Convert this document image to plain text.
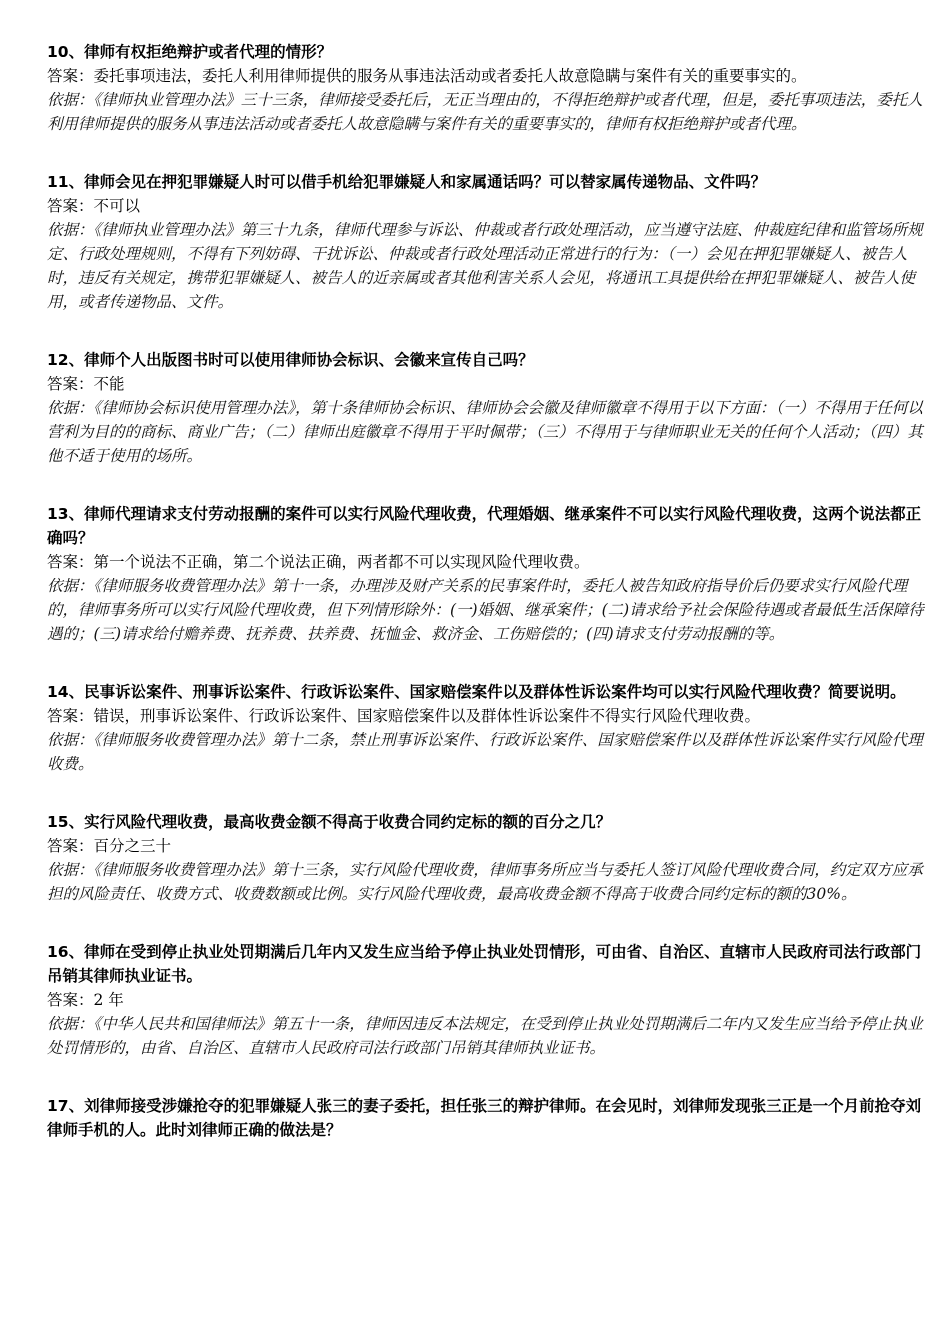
10、律师有权拒绝辩护或者代理的情形？

答案：委托事项违法，委托人利用律师提供的服务从事违法活动或者委托人故意隐瞒与案件有关的重要事实的。

依据：《律师执业管理办法》三十三条，律师接受委托后，无正当理由的，不得拒绝辩护或者代理，但是，委托事项违法，委托人利用律师提供的服务从事违法活动或者委托人故意隐瞒与案件有关的重要事实的，律师有权拒绝辩护或者代理。

11、律师会见在押犯罪嫌疑人时可以借手机给犯罪嫌疑人和家属通话吗？可以替家属传递物品、文件吗？

答案：不可以

依据：《律师执业管理办法》第三十九条，律师代理参与诉讼、仲裁或者行政处理活动，应当遵守法庭、仲裁庭纪律和监管场所规定、行政处理规则，不得有下列妨碍、干扰诉讼、仲裁或者行政处理活动正常进行的行为：（一）会见在押犯罪嫌疑人、被告人时，违反有关规定，携带犯罪嫌疑人、被告人的近亲属或者其他利害关系人会见，将通讯工具提供给在押犯罪嫌疑人、被告人使用，或者传递物品、文件。

12、律师个人出版图书时可以使用律师协会标识、会徽来宣传自己吗？

答案：不能

依据：《律师协会标识使用管理办法》，第十条律师协会标识、律师协会会徽及律师徽章不得用于以下方面：（一）不得用于任何以营利为目的的商标、商业广告；（二）律师出庭徽章不得用于平时佩带；（三）不得用于与律师职业无关的任何个人活动；（四）其他不适于使用的场所。

13、律师代理请求支付劳动报酬的案件可以实行风险代理收费，代理婚姻、继承案件不可以实行风险代理收费，这两个说法都正确吗？

答案：第一个说法不正确，第二个说法正确，两者都不可以实现风险代理收费。

依据：《律师服务收费管理办法》第十一条，办理涉及财产关系的民事案件时，委托人被告知政府指导价后仍要求实行风险代理的，律师事务所可以实行风险代理收费，但下列情形除外：(一)婚姻、继承案件；(二)请求给予社会保险待遇或者最低生活保障待遇的；(三)请求给付赡养费、抚养费、扶养费、抚恤金、救济金、工伤赔偿的；(四)请求支付劳动报酬的等。

14、民事诉讼案件、刑事诉讼案件、行政诉讼案件、国家赔偿案件以及群体性诉讼案件均可以实行风险代理收费？简要说明。

答案：错误，刑事诉讼案件、行政诉讼案件、国家赔偿案件以及群体性诉讼案件不得实行风险代理收费。

依据：《律师服务收费管理办法》第十二条，禁止刑事诉讼案件、行政诉讼案件、国家赔偿案件以及群体性诉讼案件实行风险代理收费。

15、实行风险代理收费，最高收费金额不得高于收费合同约定标的额的百分之几？

答案：百分之三十

依据：《律师服务收费管理办法》第十三条，实行风险代理收费，律师事务所应当与委托人签订风险代理收费合同，约定双方应承担的风险责任、收费方式、收费数额或比例。实行风险代理收费，最高收费金额不得高于收费合同约定标的额的30%。

16、律师在受到停止执业处罚期满后几年内又发生应当给予停止执业处罚情形，可由省、自治区、直辖市人民政府司法行政部门吊销其律师执业证书。

答案：2 年

依据：《中华人民共和国律师法》第五十一条，律师因违反本法规定，在受到停止执业处罚期满后二年内又发生应当给予停止执业处罚情形的，由省、自治区、直辖市人民政府司法行政部门吊销其律师执业证书。

17、刘律师接受涉嫌抢夺的犯罪嫌疑人张三的妻子委托，担任张三的辩护律师。在会见时，刘律师发现张三正是一个月前抢夺刘律师手机的人。此时刘律师正确的做法是？
